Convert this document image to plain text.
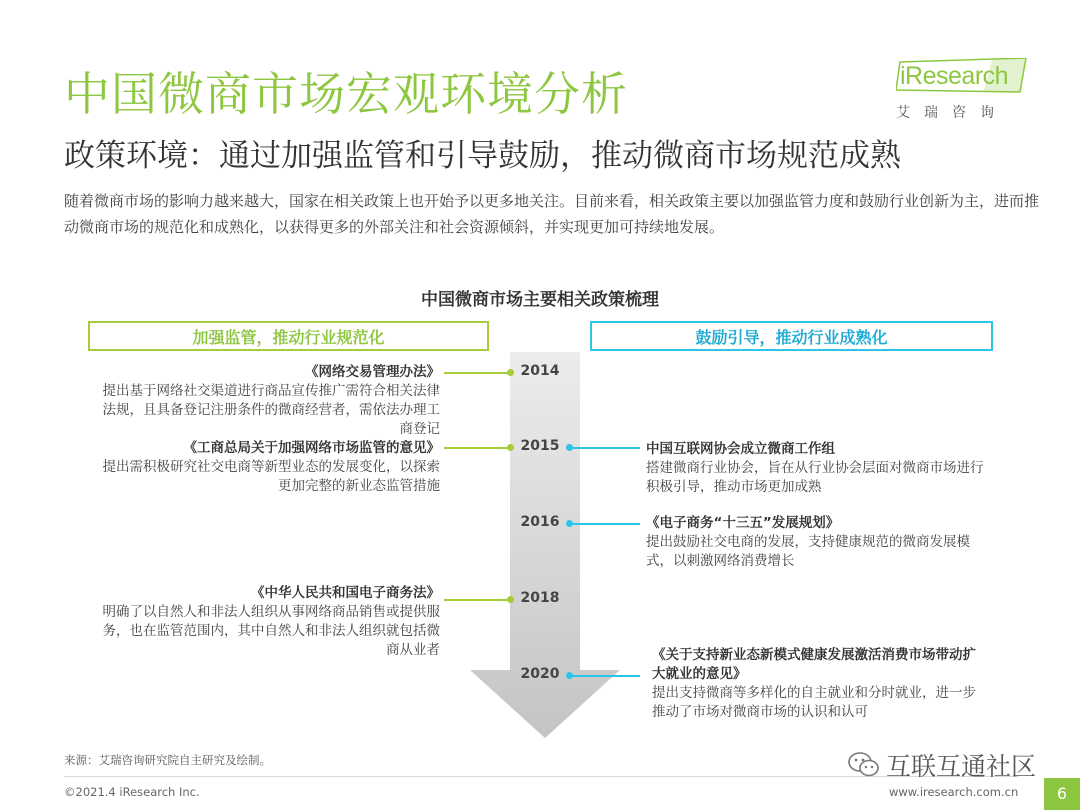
中国微商市场宏观环境分析
政策环境：通过加强监管和引导鼓励，推动微商市场规范成熟
随着微商市场的影响力越来越大，国家在相关政策上也开始予以更多地关注。目前来看，相关政策主要以加强监管力度和鼓励行业创新为主，进而推动微商市场的规范化和成熟化，以获得更多的外部关注和社会资源倾斜，并实现更加可持续地发展。
iResearch
艾瑞咨询
中国微商市场主要相关政策梳理
加强监管，推动行业规范化	鼓励引导，推动行业成熟化
2014
2015
2016
2018
2020
《网络交易管理办法》
提出基于网络社交渠道进行商品宣传推广需符合相关法律法规，且具备登记注册条件的微商经营者，需依法办理工商登记
《工商总局关于加强网络市场监管的意见》
提出需积极研究社交电商等新型业态的发展变化，以探索更加完整的新业态监管措施
《中华人民共和国电子商务法》
明确了以自然人和非法人组织从事网络商品销售或提供服务，也在监管范围内，其中自然人和非法人组织就包括微商从业者
中国互联网协会成立微商工作组
搭建微商行业协会，旨在从行业协会层面对微商市场进行积极引导，推动市场更加成熟
《电子商务“十三五”发展规划》
提出鼓励社交电商的发展，支持健康规范的微商发展模式，以刺激网络消费增长
《关于支持新业态新模式健康发展激活消费市场带动扩大就业的意见》
提出支持微商等多样化的自主就业和分时就业，进一步推动了市场对微商市场的认识和认可
来源：艾瑞咨询研究院自主研究及绘制。
©2021.4 iResearch Inc.	www.iresearch.com.cn	6
互联互通社区
